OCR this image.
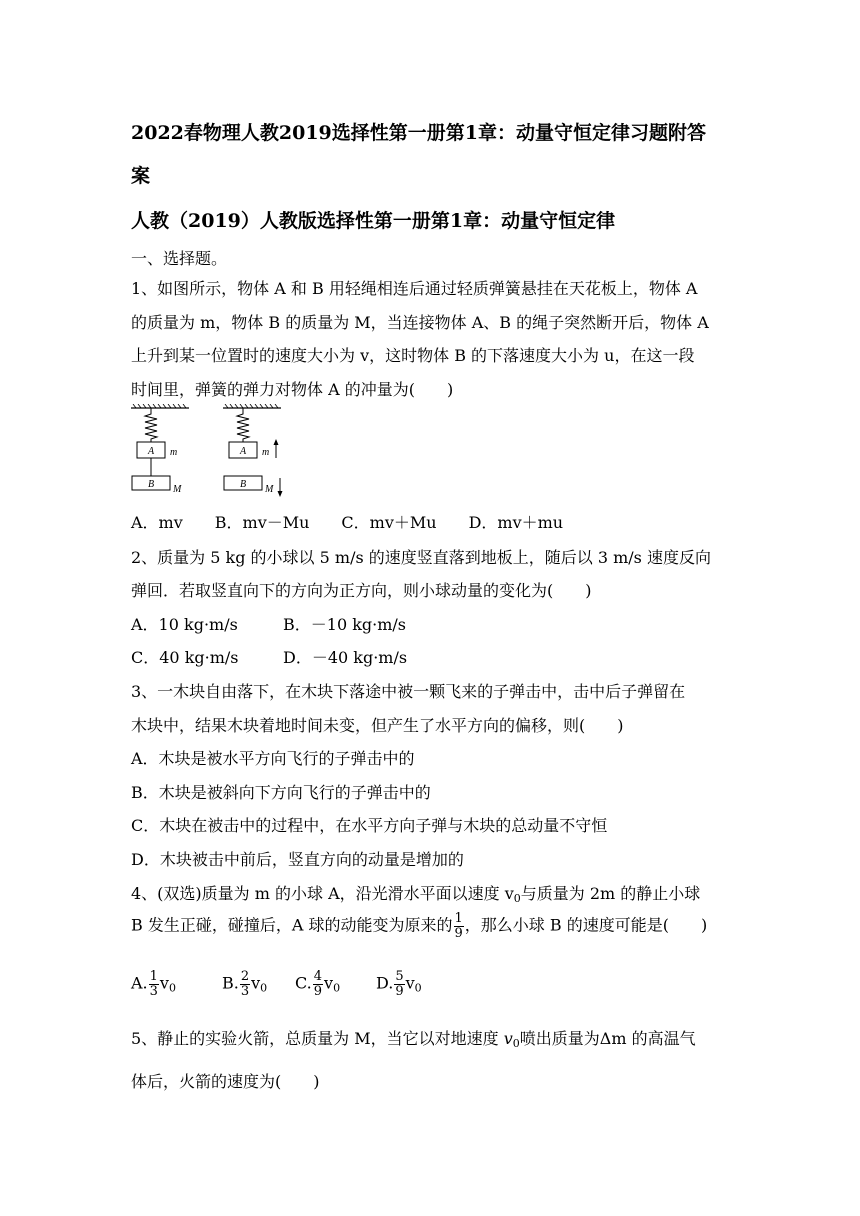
2022春物理人教2019选择性第一册第1章：动量守恒定律习题附答
案
人教（2019）人教版选择性第一册第1章：动量守恒定律
一、选择题。
1、如图所示，物体 A 和 B 用轻绳相连后通过轻质弹簧悬挂在天花板上，物体 A
的质量为 m，物体 B 的质量为 M，当连接物体 A、B 的绳子突然断开后，物体 A
上升到某一位置时的速度大小为 v，这时物体 B 的下落速度大小为 u，在这一段
时间里，弹簧的弹力对物体 A 的冲量为(　　)
A m
B M
A m
B M
A．mv　　B．mv－Mu　　C．mv＋Mu　　D．mv＋mu
2、质量为 5 kg 的小球以 5 m/s 的速度竖直落到地板上，随后以 3 m/s 速度反向
弹回．若取竖直向下的方向为正方向，则小球动量的变化为(　　)
A．10 kg·m/s	B．－10 kg·m/s
C．40 kg·m/s	D．－40 kg·m/s
3、一木块自由落下，在木块下落途中被一颗飞来的子弹击中，击中后子弹留在
木块中，结果木块着地时间未变，但产生了水平方向的偏移，则(　　)
A．木块是被水平方向飞行的子弹击中的
B．木块是被斜向下方向飞行的子弹击中的
C．木块在被击中的过程中，在水平方向子弹与木块的总动量不守恒
D．木块被击中前后，竖直方向的动量是增加的
4、(双选)质量为 m 的小球 A，沿光滑水平面以速度 $v_0$与质量为 2m 的静止小球
B 发生正碰，碰撞后，A 球的动能变为原来的 $\frac{1}{9}$ ，那么小球 B 的速度可能是(　　)
A. $\frac{1}{3} v_0$	B. $\frac{2}{3} v_0$ C. $\frac{4}{9} v_0$ D. $\frac{5}{9} v_0$
5、静止的实验火箭，总质量为 M，当它以对地速度 $v_0$喷出质量为Δm 的高温气
体后，火箭的速度为(　　)
